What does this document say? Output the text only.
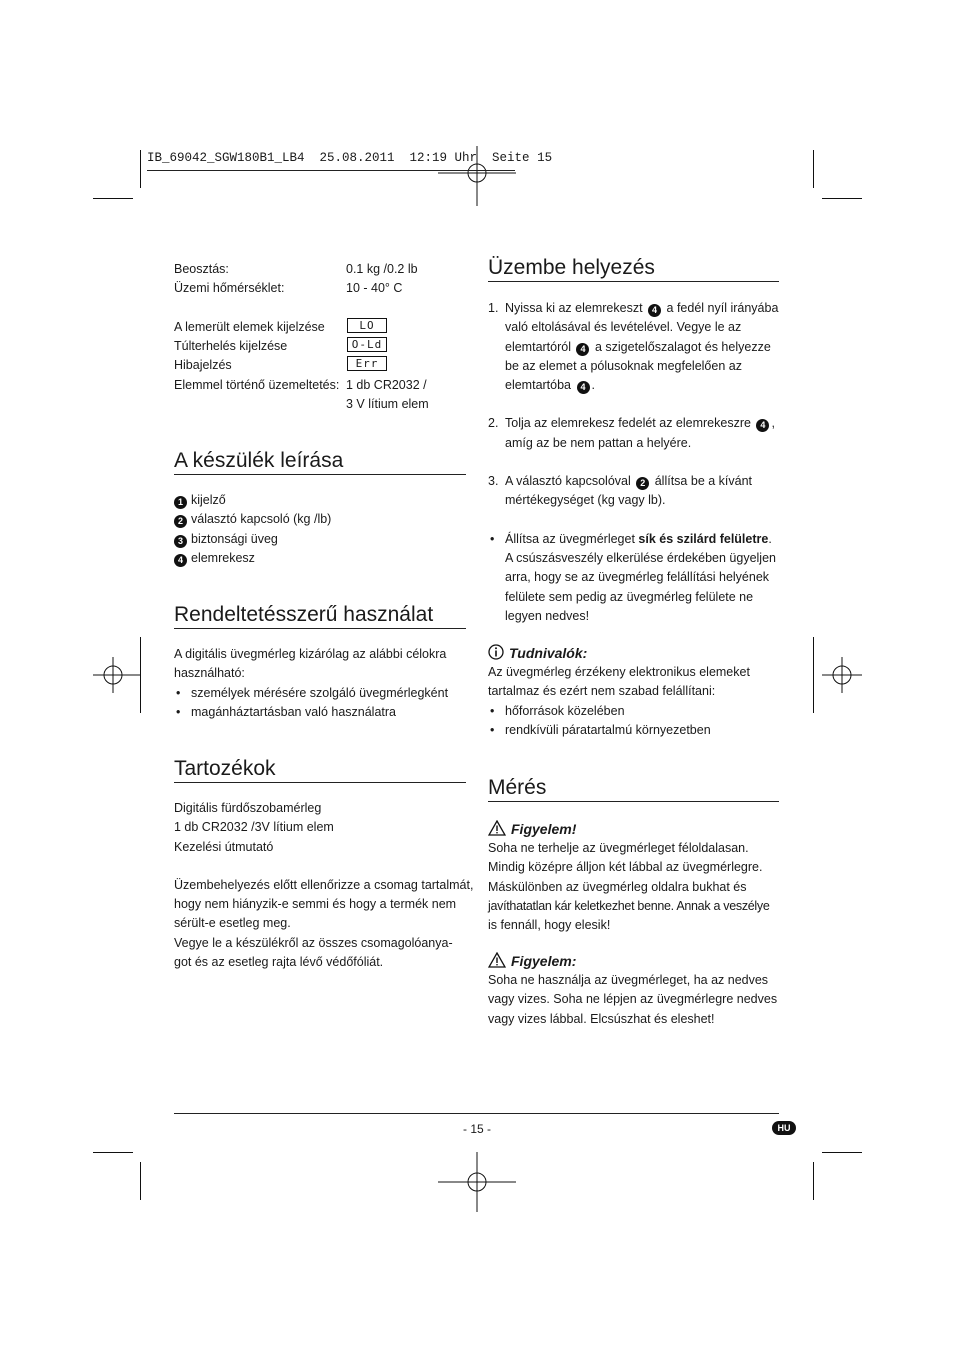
IB_69042_SGW180B1_LB4  25.08.2011  12:19 Uhr  Seite 15
Beosztás:	0.1 kg /0.2 lb
Üzemi hőmérséklet:	10 - 40° C
A lemerült elemek kijelzése	LO
Túlterhelés kijelzése	O-Ld
Hibajelzés	Err
Elemmel történő üzemeltetés: 1 db CR2032 /
3 V lítium elem
A készülék leírása
1 kijelző
2 választó kapcsoló (kg /lb)
3 biztonsági üveg
4 elemrekesz
Rendeltetésszerű használat
A digitális üvegmérleg kizárólag az alábbi célokra
használható:
• személyek mérésére szolgáló üvegmérlegként
• magánháztartásban való használatra
Tartozékok
Digitális fürdőszobamérleg
1 db CR2032 /3V lítium elem
Kezelési útmutató
Üzembehelyezés előtt ellenőrizze a csomag tartalmát,
hogy nem hiányzik-e semmi és hogy a termék nem
sérült-e esetleg meg.
Vegye le a készülékről az összes csomagolóanya-
got és az esetleg rajta lévő védőfóliát.
Üzembe helyezés
1. Nyissa ki az elemrekeszt 4 a fedél nyíl irányába
való eltolásával és levételével. Vegye le az
elemtartóról 4 a szigetelőszalagot és helyezze
be az elemet a pólusoknak megfelelően az
elemtartóba 4 .
2. Tolja az elemrekesz fedelét az elemrekeszre 4 ,
amíg az be nem pattan a helyére.
3. A választó kapcsolóval 2 állítsa be a kívánt
mértékegységet (kg vagy lb).
• Állítsa az üvegmérleget sík és szilárd felületre.
A csúszásveszély elkerülése érdekében ügyeljen
arra, hogy se az üvegmérleg felállítási helyének
felülete sem pedig az üvegmérleg felülete ne
legyen nedves!
Tudnivalók:
Az üvegmérleg érzékeny elektronikus elemeket
tartalmaz és ezért nem szabad felállítani:
• hőforrások közelében
• rendkívüli páratartalmú környezetben
Mérés
Figyelem!
Soha ne terhelje az üvegmérleget féloldalasan.
Mindig középre álljon két lábbal az üvegmérlegre.
Máskülönben az üvegmérleg oldalra bukhat és
javíthatatlan kár keletkezhet benne. Annak a veszélye
is fennáll, hogy elesik!
Figyelem:
Soha ne használja az üvegmérleget, ha az nedves
vagy vizes. Soha ne lépjen az üvegmérlegre nedves
vagy vizes lábbal. Elcsúszhat és eleshet!
- 15 -	HU
